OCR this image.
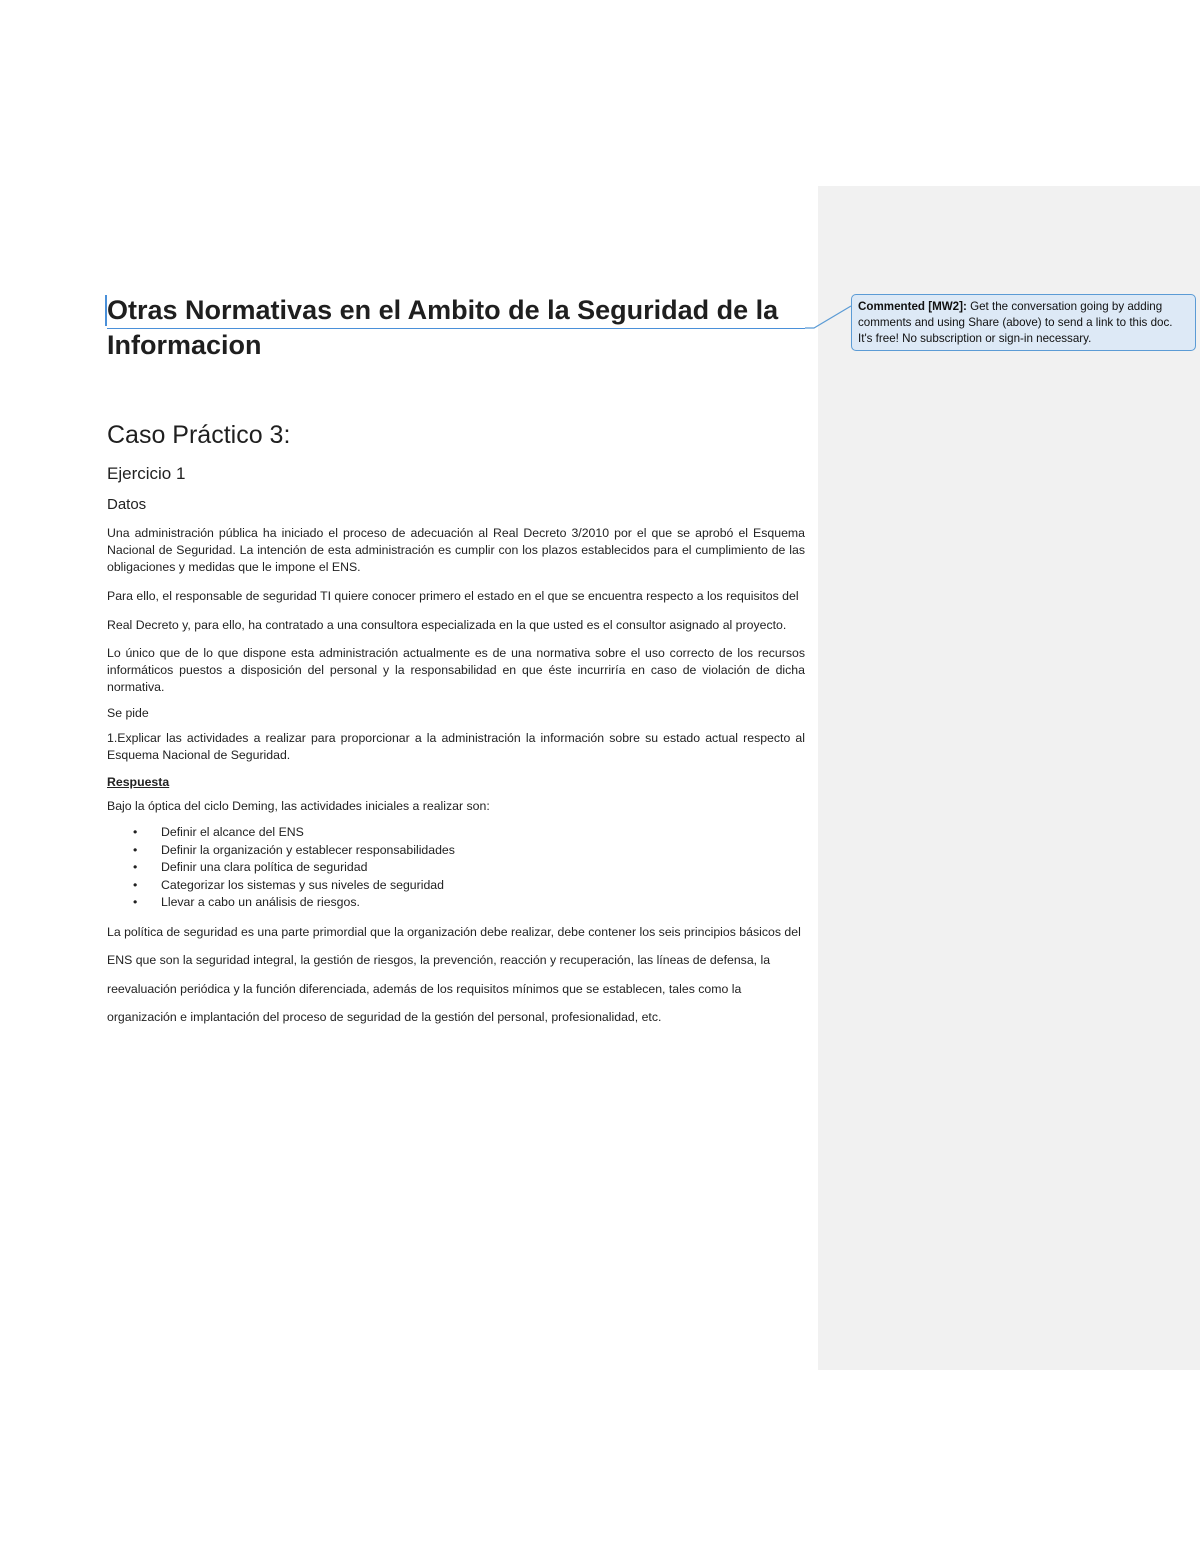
Otras Normativas en el Ambito de la Seguridad de la Informacion
Caso Práctico 3:
Ejercicio 1
Datos

Una administración pública ha iniciado el proceso de adecuación al Real Decreto 3/2010 por el que se aprobó el Esquema Nacional de Seguridad. La intención de esta administración es cumplir con los plazos establecidos para el cumplimiento de las obligaciones y medidas que le impone el ENS.

Para ello, el responsable de seguridad TI quiere conocer primero el estado en el que se encuentra respecto a los requisitos del Real Decreto y, para ello, ha contratado a una consultora especializada en la que usted es el consultor asignado al proyecto.

Lo único que de lo que dispone esta administración actualmente es de una normativa sobre el uso correcto de los recursos informáticos puestos a disposición del personal y la responsabilidad en que éste incurriría en caso de violación de dicha normativa.

Se pide

1.Explicar las actividades a realizar para proporcionar a la administración la información sobre su estado actual respecto al Esquema Nacional de Seguridad.

Respuesta

Bajo la óptica del ciclo Deming, las actividades iniciales a realizar son:

• Definir el alcance del ENS
• Definir la organización y establecer responsabilidades
• Definir una clara política de seguridad
• Categorizar los sistemas y sus niveles de seguridad
• Llevar a cabo un análisis de riesgos.

La política de seguridad es una parte primordial que la organización debe realizar, debe contener los seis principios básicos del ENS que son la seguridad integral, la gestión de riesgos, la prevención, reacción y recuperación, las líneas de defensa, la reevaluación periódica y la función diferenciada, además de los requisitos mínimos que se establecen, tales como la organización e implantación del proceso de seguridad de la gestión del personal, profesionalidad, etc.

Commented [MW2]: Get the conversation going by adding comments and using Share (above) to send a link to this doc. It's free! No subscription or sign-in necessary.
